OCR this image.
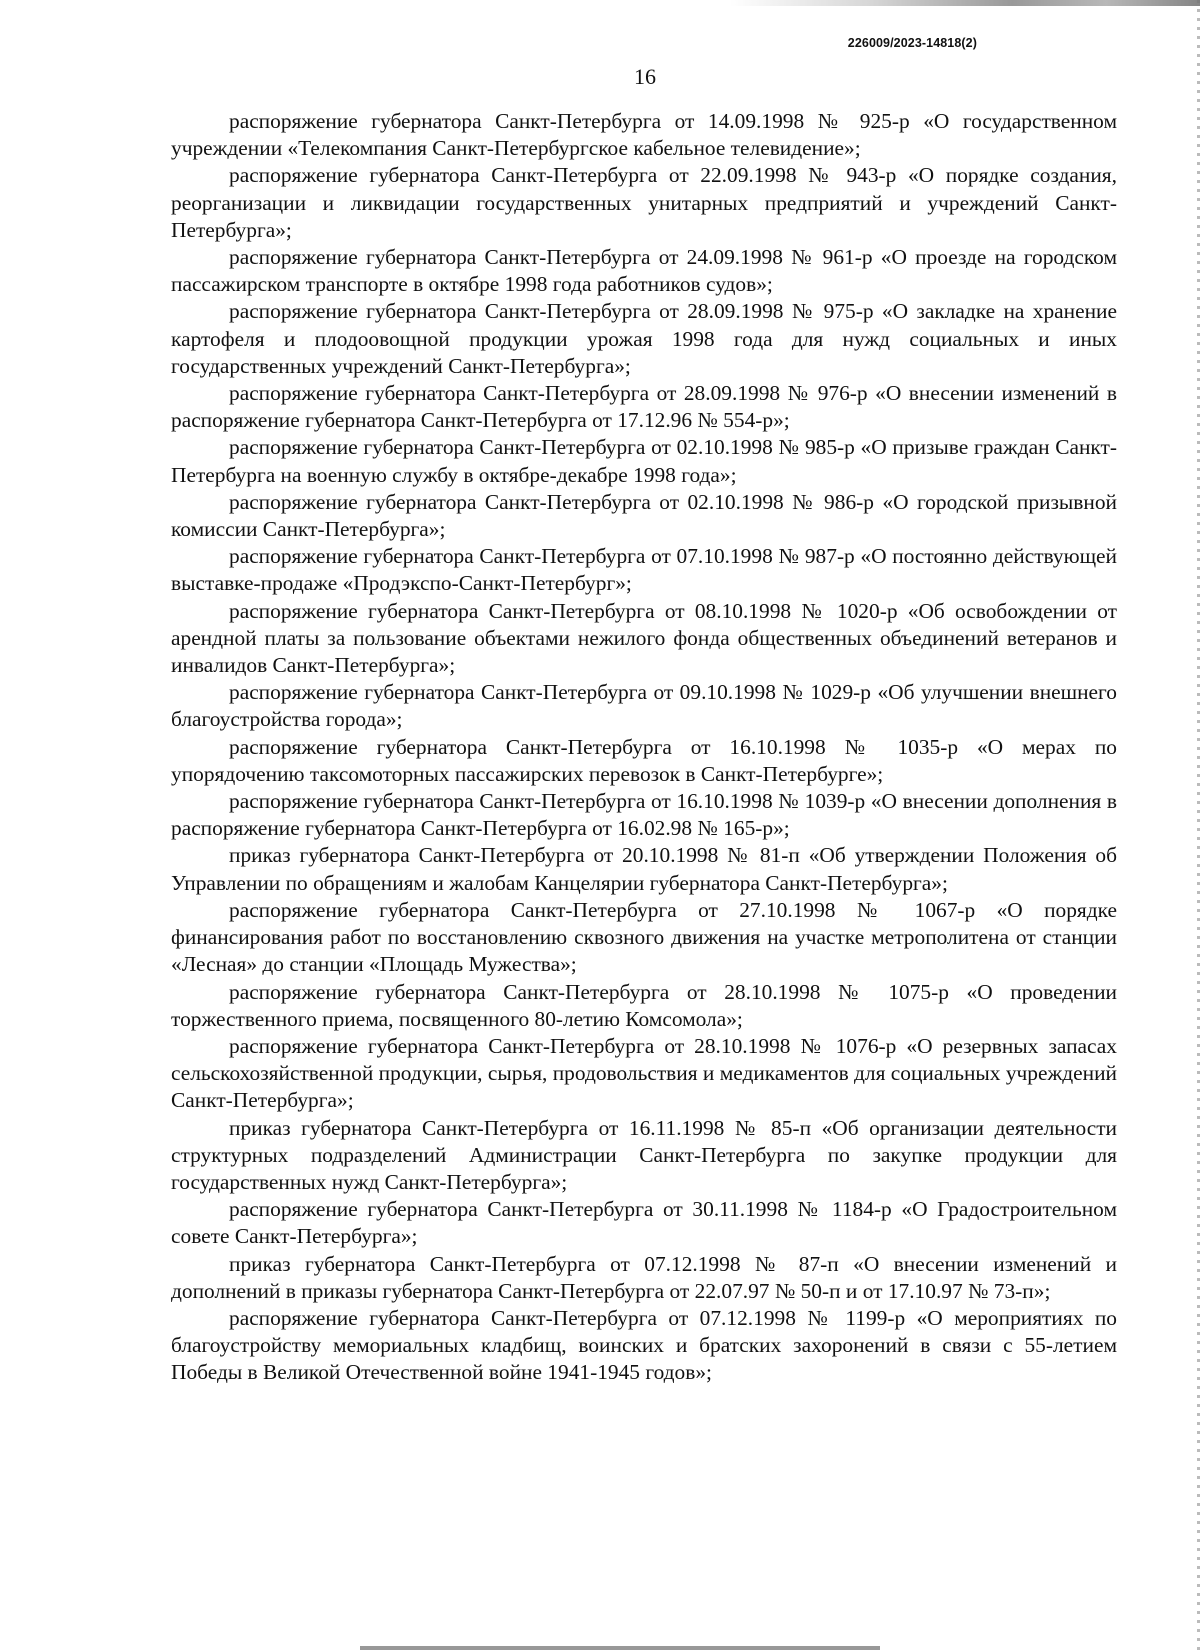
226009/2023-14818(2)
16

распоряжение губернатора Санкт-Петербурга от 14.09.1998 № 925-р «О государственном учреждении «Телекомпания Санкт-Петербургское кабельное телевидение»;

распоряжение губернатора Санкт-Петербурга от 22.09.1998 № 943-р «О порядке создания, реорганизации и ликвидации государственных унитарных предприятий и учреждений Санкт-Петербурга»;

распоряжение губернатора Санкт-Петербурга от 24.09.1998 № 961-р «О проезде на городском пассажирском транспорте в октябре 1998 года работников судов»;

распоряжение губернатора Санкт-Петербурга от 28.09.1998 № 975-р «О закладке на хранение картофеля и плодоовощной продукции урожая 1998 года для нужд социальных и иных государственных учреждений Санкт-Петербурга»;

распоряжение губернатора Санкт-Петербурга от 28.09.1998 № 976-р «О внесении изменений в распоряжение губернатора Санкт-Петербурга от 17.12.96 № 554-р»;

распоряжение губернатора Санкт-Петербурга от 02.10.1998 № 985-р «О призыве граждан Санкт-Петербурга на военную службу в октябре-декабре 1998 года»;

распоряжение губернатора Санкт-Петербурга от 02.10.1998 № 986-р «О городской призывной комиссии Санкт-Петербурга»;

распоряжение губернатора Санкт-Петербурга от 07.10.1998 № 987-р «О постоянно действующей выставке-продаже «Продэкспо-Санкт-Петербург»;

распоряжение губернатора Санкт-Петербурга от 08.10.1998 № 1020-р «Об освобождении от арендной платы за пользование объектами нежилого фонда общественных объединений ветеранов и инвалидов Санкт-Петербурга»;

распоряжение губернатора Санкт-Петербурга от 09.10.1998 № 1029-р «Об улучшении внешнего благоустройства города»;

распоряжение губернатора Санкт-Петербурга от 16.10.1998 № 1035-р «О мерах по упорядочению таксомоторных пассажирских перевозок в Санкт-Петербурге»;

распоряжение губернатора Санкт-Петербурга от 16.10.1998 № 1039-р «О внесении дополнения в распоряжение губернатора Санкт-Петербурга от 16.02.98 № 165-р»;

приказ губернатора Санкт-Петербурга от 20.10.1998 № 81-п «Об утверждении Положения об Управлении по обращениям и жалобам Канцелярии губернатора Санкт-Петербурга»;

распоряжение губернатора Санкт-Петербурга от 27.10.1998 № 1067-р «О порядке финансирования работ по восстановлению сквозного движения на участке метрополитена от станции «Лесная» до станции «Площадь Мужества»;

распоряжение губернатора Санкт-Петербурга от 28.10.1998 № 1075-р «О проведении торжественного приема, посвященного 80-летию Комсомола»;

распоряжение губернатора Санкт-Петербурга от 28.10.1998 № 1076-р «О резервных запасах сельскохозяйственной продукции, сырья, продовольствия и медикаментов для социальных учреждений Санкт-Петербурга»;

приказ губернатора Санкт-Петербурга от 16.11.1998 № 85-п «Об организации деятельности структурных подразделений Администрации Санкт-Петербурга по закупке продукции для государственных нужд Санкт-Петербурга»;

распоряжение губернатора Санкт-Петербурга от 30.11.1998 № 1184-р «О Градостроительном совете Санкт-Петербурга»;

приказ губернатора Санкт-Петербурга от 07.12.1998 № 87-п «О внесении изменений и дополнений в приказы губернатора Санкт-Петербурга от 22.07.97 № 50-п и от 17.10.97 № 73-п»;

распоряжение губернатора Санкт-Петербурга от 07.12.1998 № 1199-р «О мероприятиях по благоустройству мемориальных кладбищ, воинских и братских захоронений в связи с 55-летием Победы в Великой Отечественной войне 1941-1945 годов»;
